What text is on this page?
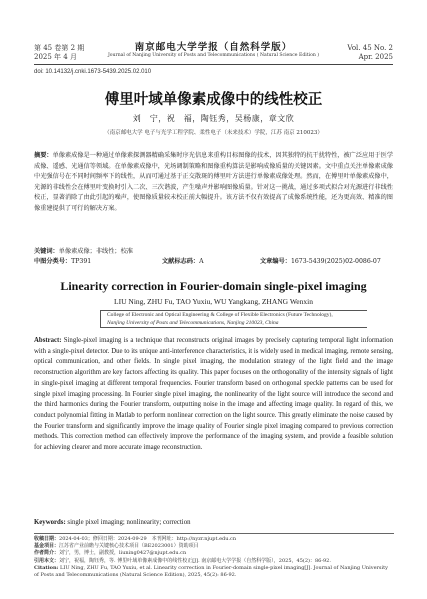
第 45 卷第 2 期
2025 年 4 月
南京邮电大学学报（自然科学版）
Journal of Nanjing University of Posts and Telecommunications ( Natural Science Edition )
Vol. 45 No. 2
Apr. 2025
doi: 10.14132/j.cnki.1673-5439.2025.02.010
傅里叶域单像素成像中的线性校正
刘　宁，祝　福，陶钰秀，吴杨康，章文欣
（南京邮电大学 电子与光学工程学院、柔性电子（未来技术）学院，江苏 南京 210023）
摘要：单像素成像是一种通过单像素探测器精确采集时序光信息来重构目标图像的技术，因其独特的抗干扰特性，被广泛应用于医学成像、遥感、光通信等领域。在单像素成像中，光场调制策略和图像重构算法是影响成像质量的关键因素。文中重点关注单像素成像中光强信号在不同时间频率下的线性，从而可通过基于正交散斑的傅里叶方法进行单像素成像处理。然而，在傅里叶单像素成像中，光源的非线性会在傅里叶变换时引入二次、三次谐波，产生噪声并影响图像质量。针对这一挑战，通过多项式拟合对光源进行非线性校正，显著消除了由此引起的噪声，使图像质量较未校正前大幅提升。该方法不仅有效提高了成像系统性能，还为更高效、精准的图像重建提供了可行的解决方案。
关键词：单像素成像；非线性；校准
中图分类号：TP391	文献标志码：A	文章编号：1673-5439(2025)02-0086-07
Linearity correction in Fourier-domain single-pixel imaging
LIU Ning, ZHU Fu, TAO Yuxiu, WU Yangkang, ZHANG Wenxin
College of Electronic and Optical Engineering & College of Flexible Electronics (Future Technology),
Nanjing University of Posts and Telecommunications, Nanjing 210023, China
Abstract: Single-pixel imaging is a technique that reconstructs original images by precisely capturing temporal light information with a single-pixel detector. Due to its unique anti-interference characteristics, it is widely used in medical imaging, remote sensing, optical communication, and other fields. In single pixel imaging, the modulation strategy of the light field and the image reconstruction algorithm are key factors affecting its quality. This paper focuses on the orthogonality of the intensity signals of light in single-pixel imaging at different temporal frequencies. Fourier transform based on orthogonal speckle patterns can be used for single pixel imaging processing. In Fourier single pixel imaging, the nonlinearity of the light source will introduce the second and the third harmonics during the Fourier transform, outputting noise in the image and affecting image quality. In regard of this, we conduct polynomial fitting in Matlab to perform nonlinear correction on the light source. This greatly eliminate the noise caused by the Fourier transform and significantly improve the image quality of Fourier single pixel imaging compared to previous correction methods. This correction method can effectively improve the performance of the imaging system, and provide a feasible solution for achieving clearer and more accurate image reconstruction.
Keywords: single pixel imaging; nonlinearity; correction
收稿日期：2024-04-03；修回日期：2024-09-29　本刊网址：http://nyzr.njupt.edu.cn
基金项目：江苏省产业前瞻与关键核心技术项目（BE2023001）资助项目
作者简介：刘宁，男，博士，副教授，liuning0427@njupt.edu.cn
引用本文：刘宁，祝福，陶钰秀，等. 傅里叶域单像素成像中的线性校正[J]. 南京邮电大学学报（自然科学版），2025，45(2)：86-92.
Citation: LIU Ning, ZHU Fu, TAO Yuxiu, et al. Linearity correction in Fourier-domain single-pixel imaging[J]. Journal of Nanjing University of Posts and Telecommunications (Natural Science Edition), 2025, 45(2): 86-92.
